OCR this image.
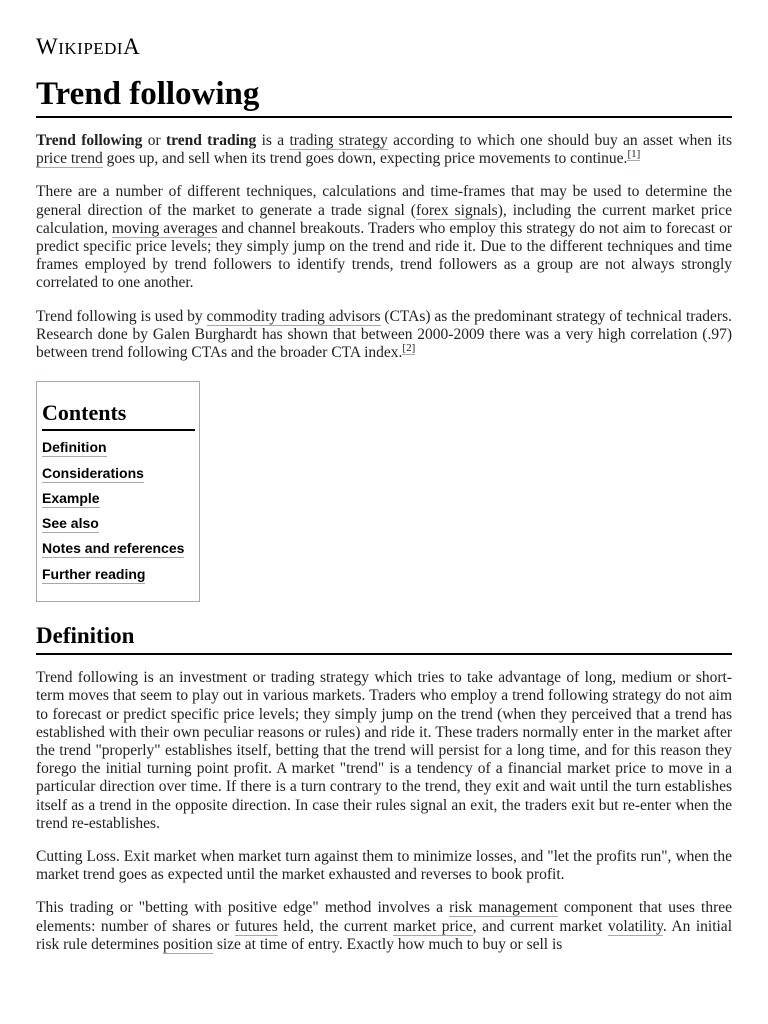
WIKIPEDIA
Trend following

Trend following or trend trading is a trading strategy according to which one should buy an asset when its price trend goes up, and sell when its trend goes down, expecting price movements to continue.[1]

There are a number of different techniques, calculations and time-frames that may be used to determine the general direction of the market to generate a trade signal (forex signals), including the current market price calculation, moving averages and channel breakouts. Traders who employ this strategy do not aim to forecast or predict specific price levels; they simply jump on the trend and ride it. Due to the different techniques and time frames employed by trend followers to identify trends, trend followers as a group are not always strongly correlated to one another.

Trend following is used by commodity trading advisors (CTAs) as the predominant strategy of technical traders. Research done by Galen Burghardt has shown that between 2000-2009 there was a very high correlation (.97) between trend following CTAs and the broader CTA index.[2]

Contents
Definition
Considerations
Example
See also
Notes and references
Further reading
Definition

Trend following is an investment or trading strategy which tries to take advantage of long, medium or short-term moves that seem to play out in various markets. Traders who employ a trend following strategy do not aim to forecast or predict specific price levels; they simply jump on the trend (when they perceived that a trend has established with their own peculiar reasons or rules) and ride it. These traders normally enter in the market after the trend "properly" establishes itself, betting that the trend will persist for a long time, and for this reason they forego the initial turning point profit. A market "trend" is a tendency of a financial market price to move in a particular direction over time. If there is a turn contrary to the trend, they exit and wait until the turn establishes itself as a trend in the opposite direction. In case their rules signal an exit, the traders exit but re-enter when the trend re-establishes.

Cutting Loss. Exit market when market turn against them to minimize losses, and "let the profits run", when the market trend goes as expected until the market exhausted and reverses to book profit.

This trading or "betting with positive edge" method involves a risk management component that uses three elements: number of shares or futures held, the current market price, and current market volatility. An initial risk rule determines position size at time of entry. Exactly how much to buy or sell is
